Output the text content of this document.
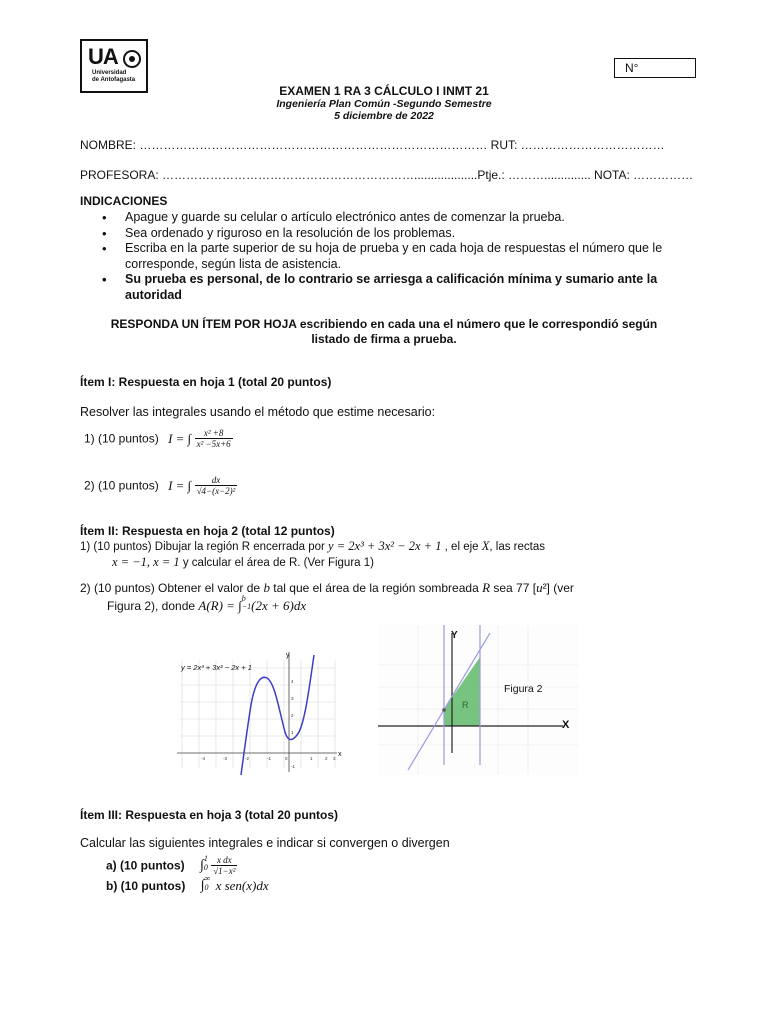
UA
Universidad
de Antofagasta
N°
EXAMEN 1 RA 3 CÁLCULO I INMT 21
Ingeniería Plan Común -Segundo Semestre
5 diciembre de 2022
NOMBRE: …………………………………………………………………………… RUT: ………………………………
PROFESORA: ………………………………………………………...................Ptje.: ……….............. NOTA: ……………
INDICACIONES
• Apague y guarde su celular o artículo electrónico antes de comenzar la prueba.
• Sea ordenado y riguroso en la resolución de los problemas.
• Escriba en la parte superior de su hoja de prueba y en cada hoja de respuestas el número que le corresponde, según lista de asistencia.
• Su prueba es personal, de lo contrario se arriesga a calificación mínima y sumario ante la autoridad
RESPONDA UN ÍTEM POR HOJA escribiendo en cada una el número que le correspondió según
listado de firma a prueba.
Ítem I: Respuesta en hoja 1 (total 20 puntos)
Resolver las integrales usando el método que estime necesario:
1) (10 puntos) I = ∫ $\frac{\text{x² +8}}{\text{x² −5x+6}}$
2) (10 puntos) I = ∫ $\frac{dx}{\text{√4−(x−2)²}}$
Ítem II: Respuesta en hoja 2 (total 12 puntos)
1) (10 puntos) Dibujar la región R encerrada por y = 2x³ + 3x² − 2x + 1 , el eje X, las rectas
x = −1, x = 1 y calcular el área de R. (Ver Figura 1)
2) (10 puntos) Obtener el valor de b tal que el área de la región sombreada R sea 77 [u²] (ver
Figura 2), donde A(R) = ∫ b
−1 (2x + 6)dx
y = 2x³ + 3x² − 2x + 1
y
x
-4	-3	-2	-1	0	1	2 3
4
3
2
1
-1
R
Y
X
Figura 2
Ítem III: Respuesta en hoja 3 (total 20 puntos)
Calcular las siguientes integrales e indicar si convergen o divergen
a) (10 puntos) ∫ 1
0
$\frac{\text{x dx}}{\text{√1−x²}}$
b) (10 puntos) ∫ ∞
0 x sen(x)dx
